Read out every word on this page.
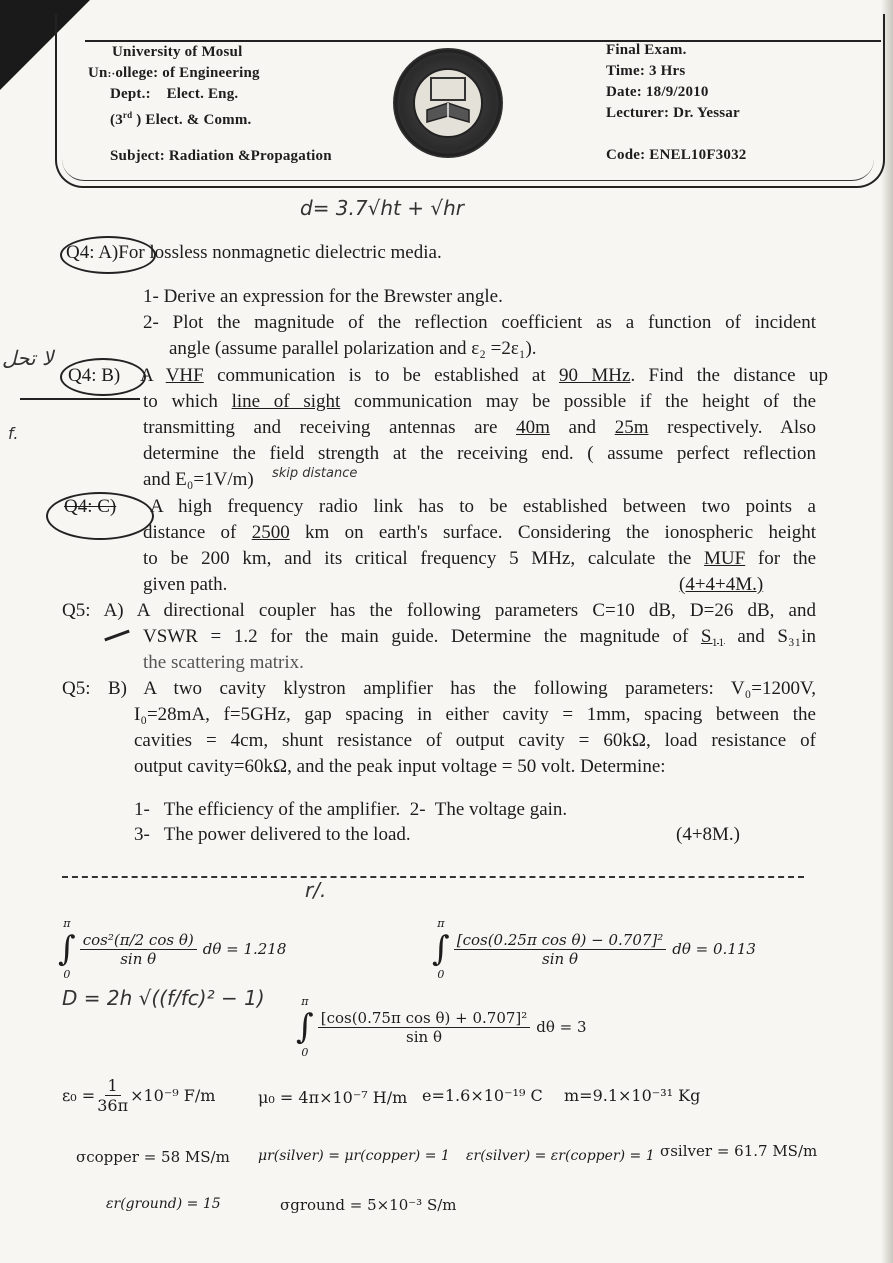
University of Mosul
Un:·ollege: of Engineering
Dept.: Elect. Eng.
(3rd ) Elect. & Comm.
Subject: Radiation &Propagation
Final Exam.
Time: 3 Hrs
Date: 18/9/2010
Lecturer: Dr. Yessar
Code: ENEL10F3032
d= 3.7√ht + √hr
Q4: A)For lossless nonmagnetic dielectric media.
1- Derive an expression for the Brewster angle.
2- Plot the magnitude of the reflection coefficient as a function of incident
angle (assume parallel polarization and ε₂ =2ε₁).
لا تحل
f.
Q4: B) A VHF communication is to be established at 90 MHz. Find the distance up
to which line of sight communication may be possible if the height of the
transmitting and receiving antennas are 40m and 25m respectively. Also
determine the field strength at the receiving end. ( assume perfect reflection
and E₀=1V/m) skip distance
Q4: C) A high frequency radio link has to be established between two points a
distance of 2500 km on earth's surface. Considering the ionospheric height
to be 200 km, and its critical frequency 5 MHz, calculate the MUF for the
given path.	(4+4+4M.)
Q5: A) A directional coupler has the following parameters C=10 dB, D=26 dB, and
VSWR = 1.2 for the main guide. Determine the magnitude of S₁₁ and S₃₁in
the scattering matrix.
Q5: B) A two cavity klystron amplifier has the following parameters: V₀=1200V,
I₀=28mA, f=5GHz, gap spacing in either cavity = 1mm, spacing between the
cavities = 4cm, shunt resistance of output cavity = 60kΩ, load resistance of
output cavity=60kΩ, and the peak input voltage = 50 volt. Determine:
1-   The efficiency of the amplifier.  2-  The voltage gain.
3-   The power delivered to the load.	(4+8M.)
r/.
π
∫
0
$\frac{\text{cos²(π/2 cos θ)}}{\text{sin θ}}$ dθ = 1.218
π
∫
0
$\frac{\text{[cos(0.25π cos θ) − 0.707]²}}{\text{sin θ}}$ dθ = 0.113
D = 2h √((f/fc)² − 1)	π
∫
0
$\frac{\text{[cos(0.75π cos θ) + 0.707]²}}{\text{sin θ}}$ dθ = 3
$\varepsilon_0 = \frac{1}{36\pi} \times 10^{-9}$ F/m	μ₀ = 4π×10⁻⁷ H/m e=1.6×10⁻¹⁹ C m=9.1×10⁻³¹ Kg
σcopper = 58 MS/m μr(silver) = μr(copper) = 1 εr(silver) = εr(copper) = 1 σsilver = 61.7 MS/m
εr(ground) = 15	σground = 5×10⁻³ S/m
